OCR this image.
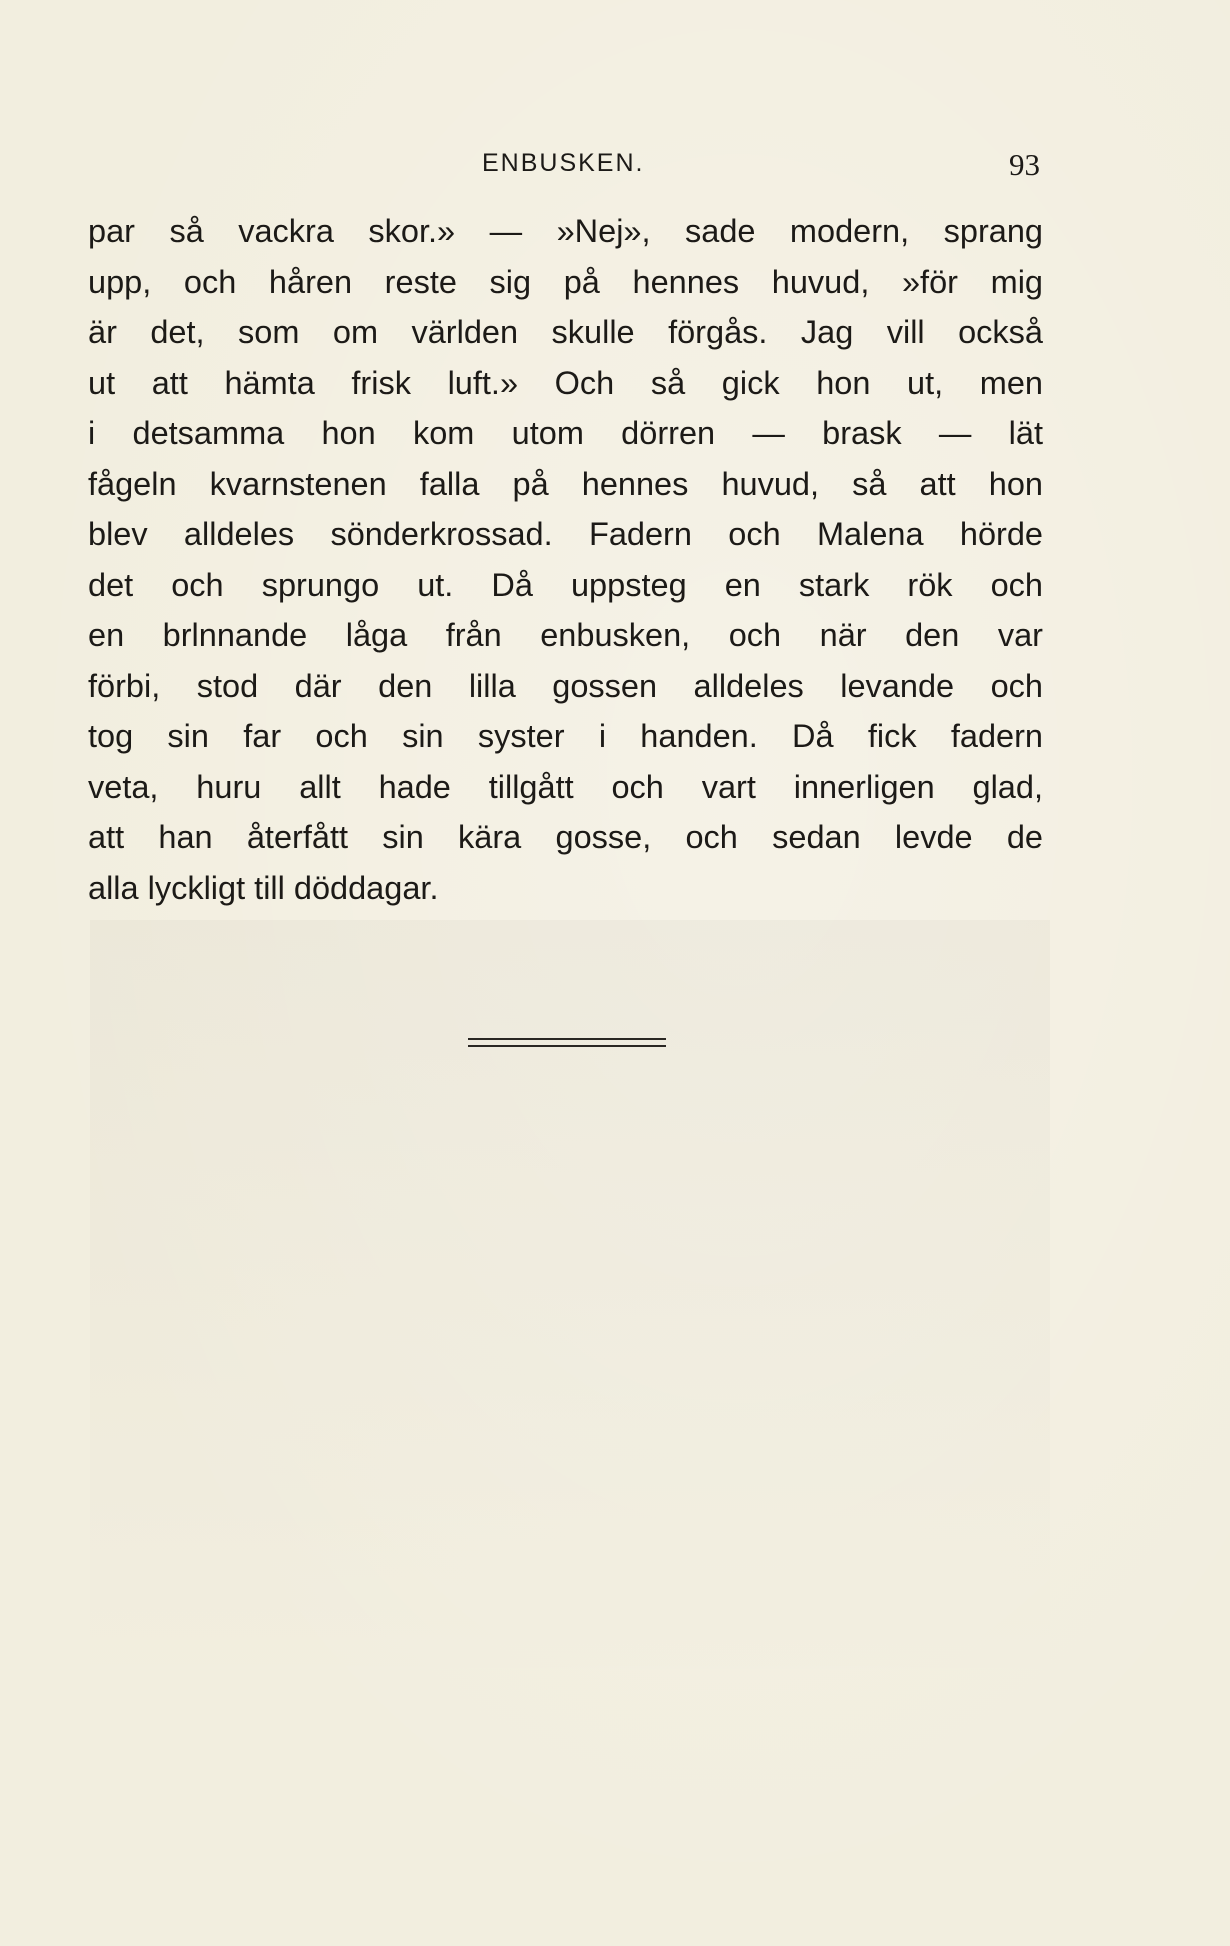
ENBUSKEN.	93
par så vackra skor.» — »Nej», sade modern, sprang
upp, och håren reste sig på hennes huvud, »för mig
är det, som om världen skulle förgås. Jag vill också
ut att hämta frisk luft.» Och så gick hon ut, men
i detsamma hon kom utom dörren — brask — lät
fågeln kvarnstenen falla på hennes huvud, så att hon
blev alldeles sönderkrossad. Fadern och Malena hörde
det och sprungo ut. Då uppsteg en stark rök och
en brlnnande låga från enbusken, och när den var
förbi, stod där den lilla gossen alldeles levande och
tog sin far och sin syster i handen. Då fick fadern
veta, huru allt hade tillgått och vart innerligen glad,
att han återfått sin kära gosse, och sedan levde de
alla lyckligt till döddagar.
